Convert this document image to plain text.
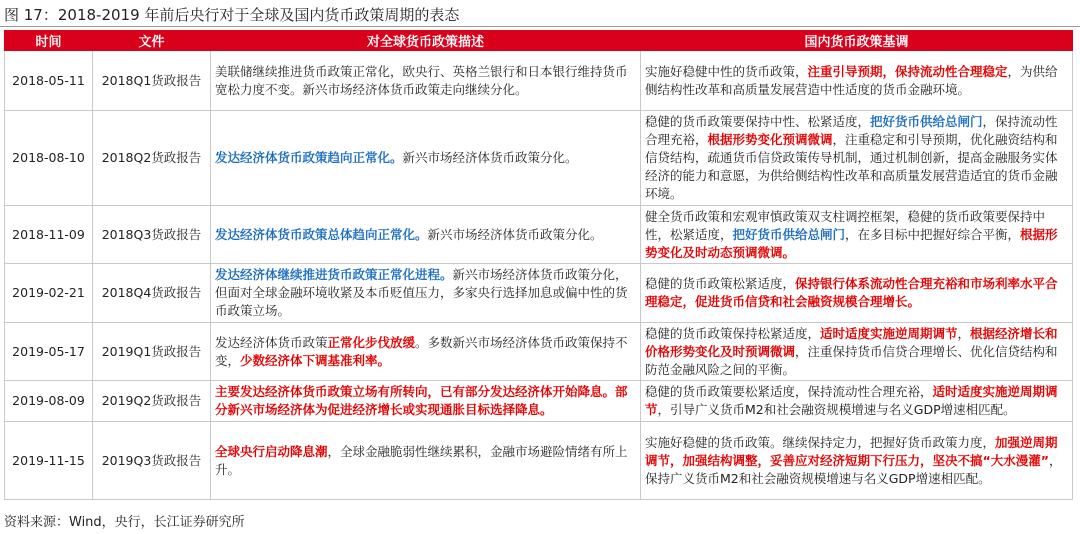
图 17：2018-2019 年前后央行对于全球及国内货币政策周期的表态
时间	文件	对全球货币政策描述	国内货币政策基调
2018-05-11	2018Q1货政报告	美联储继续推进货币政策正常化，欧央行、英格兰银行和日本银行维持货币宽松力度不变。新兴市场经济体货币政策走向继续分化。	实施好稳健中性的货币政策，注重引导预期，保持流动性合理稳定，为供给侧结构性改革和高质量发展营造中性适度的货币金融环境。
2018-08-10	2018Q2货政报告	发达经济体货币政策趋向正常化。新兴市场经济体货币政策分化。	稳健的货币政策要保持中性、松紧适度，把好货币供给总闸门，保持流动性合理充裕，根据形势变化预调微调，注重稳定和引导预期，优化融资结构和信贷结构，疏通货币信贷政策传导机制，通过机制创新，提高金融服务实体经济的能力和意愿，为供给侧结构性改革和高质量发展营造适宜的货币金融环境。
2018-11-09	2018Q3货政报告	发达经济体货币政策总体趋向正常化。新兴市场经济体货币政策分化。	健全货币政策和宏观审慎政策双支柱调控框架，稳健的货币政策要保持中性，松紧适度，把好货币供给总闸门，在多目标中把握好综合平衡，根据形势变化及时动态预调微调。
2019-02-21	2018Q4货政报告	发达经济体继续推进货币政策正常化进程。新兴市场经济体货币政策分化，但面对全球金融环境收紧及本币贬值压力，多家央行选择加息或偏中性的货币政策立场。	稳健的货币政策松紧适度，保持银行体系流动性合理充裕和市场利率水平合理稳定，促进货币信贷和社会融资规模合理增长。
2019-05-17	2019Q1货政报告	发达经济体货币政策正常化步伐放缓。多数新兴市场经济体货币政策保持不变，少数经济体下调基准利率。	稳健的货币政策保持松紧适度，适时适度实施逆周期调节，根据经济增长和价格形势变化及时预调微调，注重保持货币信贷合理增长、优化信贷结构和防范金融风险之间的平衡。
2019-08-09	2019Q2货政报告	主要发达经济体货币政策立场有所转向，已有部分发达经济体开始降息。部分新兴市场经济体为促进经济增长或实现通胀目标选择降息。	稳健的货币政策要松紧适度，保持流动性合理充裕，适时适度实施逆周期调节，引导广义货币M2和社会融资规模增速与名义GDP增速相匹配。
2019-11-15	2019Q3货政报告	全球央行启动降息潮，全球金融脆弱性继续累积，金融市场避险情绪有所上升。	实施好稳健的货币政策。继续保持定力，把握好货币政策力度，加强逆周期调节，加强结构调整，妥善应对经济短期下行压力，坚决不搞“大水漫灌”，保持广义货币M2和社会融资规模增速与名义GDP增速相匹配。
资料来源：Wind，央行，长江证券研究所
